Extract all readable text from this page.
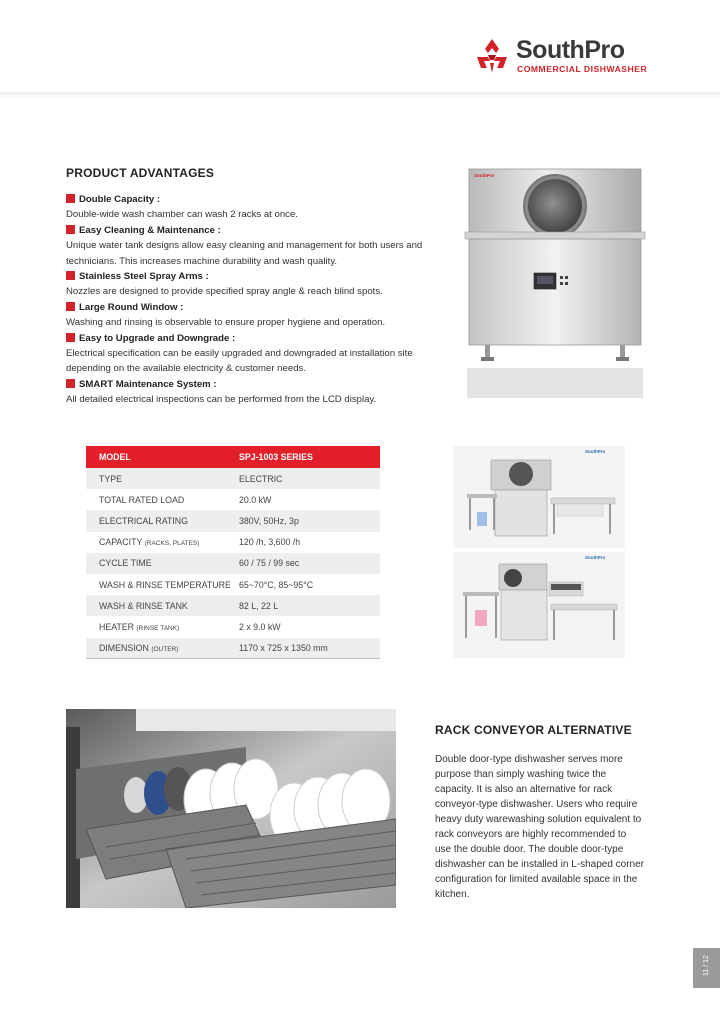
SouthPro
COMMERCIAL DISHWASHER
PRODUCT ADVANTAGES
Double Capacity :
Double-wide wash chamber can wash 2 racks at once.
Easy Cleaning & Maintenance :
Unique water tank designs allow easy cleaning and management for both users and technicians. This increases machine durability and wash quality.
Stainless Steel Spray Arms :
Nozzles are designed to provide specified spray angle & reach blind spots.
Large Round Window :
Washing and rinsing is observable to ensure proper hygiene and operation.
Easy to Upgrade and Downgrade :
Electrical specification can be easily upgraded and downgraded at installation site depending on the available electricity & customer needs.
SMART Maintenance System :
All detailed electrical inspections can be performed from the LCD display.
SouthPro
MODEL	SPJ-1003 SERIES
TYPE	ELECTRIC
TOTAL RATED LOAD	20.0 kW
ELECTRICAL RATING	380V, 50Hz, 3p
CAPACITY (RACKS, PLATES)	120 /h, 3,600 /h
CYCLE TIME	60 / 75 / 99 sec
WASH & RINSE TEMPERATURE 65~70°C, 85~95°C
WASH & RINSE TANK	82 L, 22 L
HEATER (RINSE TANK)	2 x 9.0 kW
DIMENSION (OUTER)	1170 x 725 x 1350 mm
SouthPro
SouthPro
RACK CONVEYOR ALTERNATIVE
Double door-type dishwasher serves more purpose than simply washing twice the capacity. It is also an alternative for rack conveyor-type dishwasher. Users who require heavy duty warewashing solution equivalent to rack conveyors are highly recommended to use the double door. The double door-type dishwasher can be installed in L-shaped corner configuration for limited available space in the kitchen.
11 / 12
